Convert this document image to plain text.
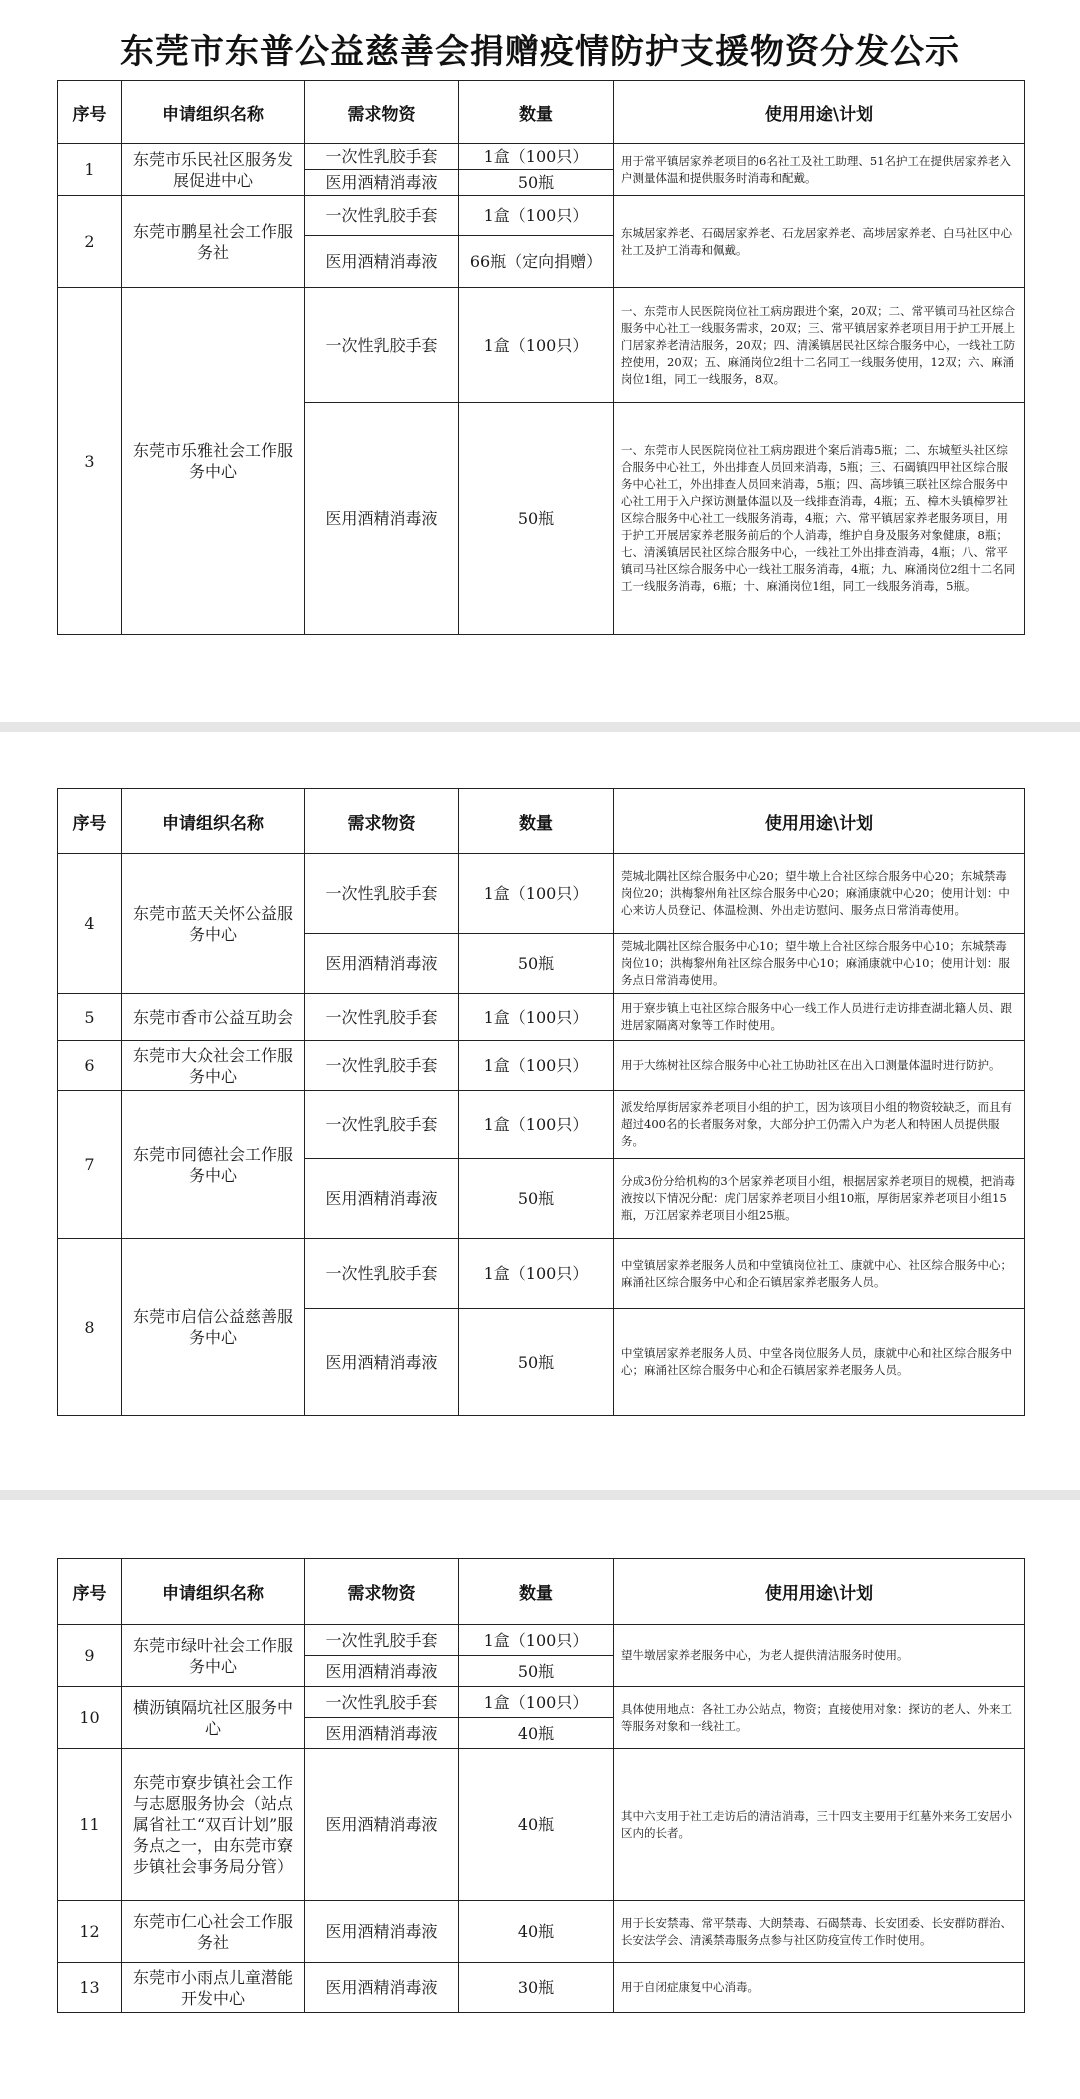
东莞市东普公益慈善会捐赠疫情防护支援物资分发公示
序号	申请组织名称	需求物资	数量	使用用途\计划
1	东莞市乐民社区服务发展促进中心	一次性乳胶手套	1盒（100只）	用于常平镇居家养老项目的6名社工及社工助理、51名护工在提供居家养老入户测量体温和提供服务时消毒和配戴。
		医用酒精消毒液	50瓶	
2	东莞市鹏星社会工作服务社	一次性乳胶手套	1盒（100只）	东城居家养老、石碣居家养老、石龙居家养老、高埗居家养老、白马社区中心社工及护工消毒和佩戴。
		医用酒精消毒液	66瓶（定向捐赠）	
3	东莞市乐雅社会工作服务中心	一次性乳胶手套	1盒（100只）	一、东莞市人民医院岗位社工病房跟进个案，20双；二、常平镇司马社区综合服务中心社工一线服务需求，20双；三、常平镇居家养老项目用于护工开展上门居家养老清洁服务，20双；四、清溪镇居民社区综合服务中心，一线社工防控使用，20双；五、麻涌岗位2组十二名同工一线服务使用，12双；六、麻涌岗位1组，同工一线服务，8双。
		医用酒精消毒液	50瓶	一、东莞市人民医院岗位社工病房跟进个案后消毒5瓶；二、东城堑头社区综合服务中心社工，外出排查人员回来消毒，5瓶；三、石碣镇四甲社区综合服务中心社工，外出排查人员回来消毒，5瓶；四、高埗镇三联社区综合服务中心社工用于入户探访测量体温以及一线排查消毒，4瓶；五、樟木头镇樟罗社区综合服务中心社工一线服务消毒，4瓶；六、常平镇居家养老服务项目，用于护工开展居家养老服务前后的个人消毒，维护自身及服务对象健康，8瓶；七、清溪镇居民社区综合服务中心，一线社工外出排查消毒，4瓶；八、常平镇司马社区综合服务中心一线社工服务消毒，4瓶；九、麻涌岗位2组十二名同工一线服务消毒，6瓶；十、麻涌岗位1组，同工一线服务消毒，5瓶。
序号	申请组织名称	需求物资	数量	使用用途\计划
4	东莞市蓝天关怀公益服务中心	一次性乳胶手套	1盒（100只）	莞城北隅社区综合服务中心20；望牛墩上合社区综合服务中心20；东城禁毒岗位20；洪梅黎州角社区综合服务中心20；麻涌康就中心20；使用计划：中心来访人员登记、体温检测、外出走访慰问、服务点日常消毒使用。
		医用酒精消毒液	50瓶	莞城北隅社区综合服务中心10；望牛墩上合社区综合服务中心10；东城禁毒岗位10；洪梅黎州角社区综合服务中心10；麻涌康就中心10；使用计划：服务点日常消毒使用。
5	东莞市香市公益互助会	一次性乳胶手套	1盒（100只）	用于寮步镇上屯社区综合服务中心一线工作人员进行走访排查湖北籍人员、跟进居家隔离对象等工作时使用。
6	东莞市大众社会工作服务中心	一次性乳胶手套	1盒（100只）	用于大练树社区综合服务中心社工协助社区在出入口测量体温时进行防护。
7	东莞市同德社会工作服务中心	一次性乳胶手套	1盒（100只）	派发给厚街居家养老项目小组的护工，因为该项目小组的物资较缺乏，而且有超过400名的长者服务对象，大部分护工仍需入户为老人和特困人员提供服务。
		医用酒精消毒液	50瓶	分成3份分给机构的3个居家养老项目小组，根据居家养老项目的规模，把消毒液按以下情况分配：虎门居家养老项目小组10瓶，厚街居家养老项目小组15瓶，万江居家养老项目小组25瓶。
8	东莞市启信公益慈善服务中心	一次性乳胶手套	1盒（100只）	中堂镇居家养老服务人员和中堂镇岗位社工、康就中心、社区综合服务中心；麻涌社区综合服务中心和企石镇居家养老服务人员。
		医用酒精消毒液	50瓶	中堂镇居家养老服务人员、中堂各岗位服务人员，康就中心和社区综合服务中心；麻涌社区综合服务中心和企石镇居家养老服务人员。
序号	申请组织名称	需求物资	数量	使用用途\计划
9	东莞市绿叶社会工作服务中心	一次性乳胶手套	1盒（100只）	望牛墩居家养老服务中心，为老人提供清洁服务时使用。
		医用酒精消毒液	50瓶	
10	横沥镇隔坑社区服务中心	一次性乳胶手套	1盒（100只）	具体使用地点：各社工办公站点，物资；直接使用对象：探访的老人、外来工等服务对象和一线社工。
		医用酒精消毒液	40瓶	
11	东莞市寮步镇社会工作与志愿服务协会（站点属省社工“双百计划”服务点之一，由东莞市寮步镇社会事务局分管）	医用酒精消毒液	40瓶	其中六支用于社工走访后的清洁消毒，三十四支主要用于红墓外来务工安居小区内的长者。
12	东莞市仁心社会工作服务社	医用酒精消毒液	40瓶	用于长安禁毒、常平禁毒、大朗禁毒、石碣禁毒、长安团委、长安群防群治、长安法学会、清溪禁毒服务点参与社区防疫宣传工作时使用。
13	东莞市小雨点儿童潜能开发中心	医用酒精消毒液	30瓶	用于自闭症康复中心消毒。
